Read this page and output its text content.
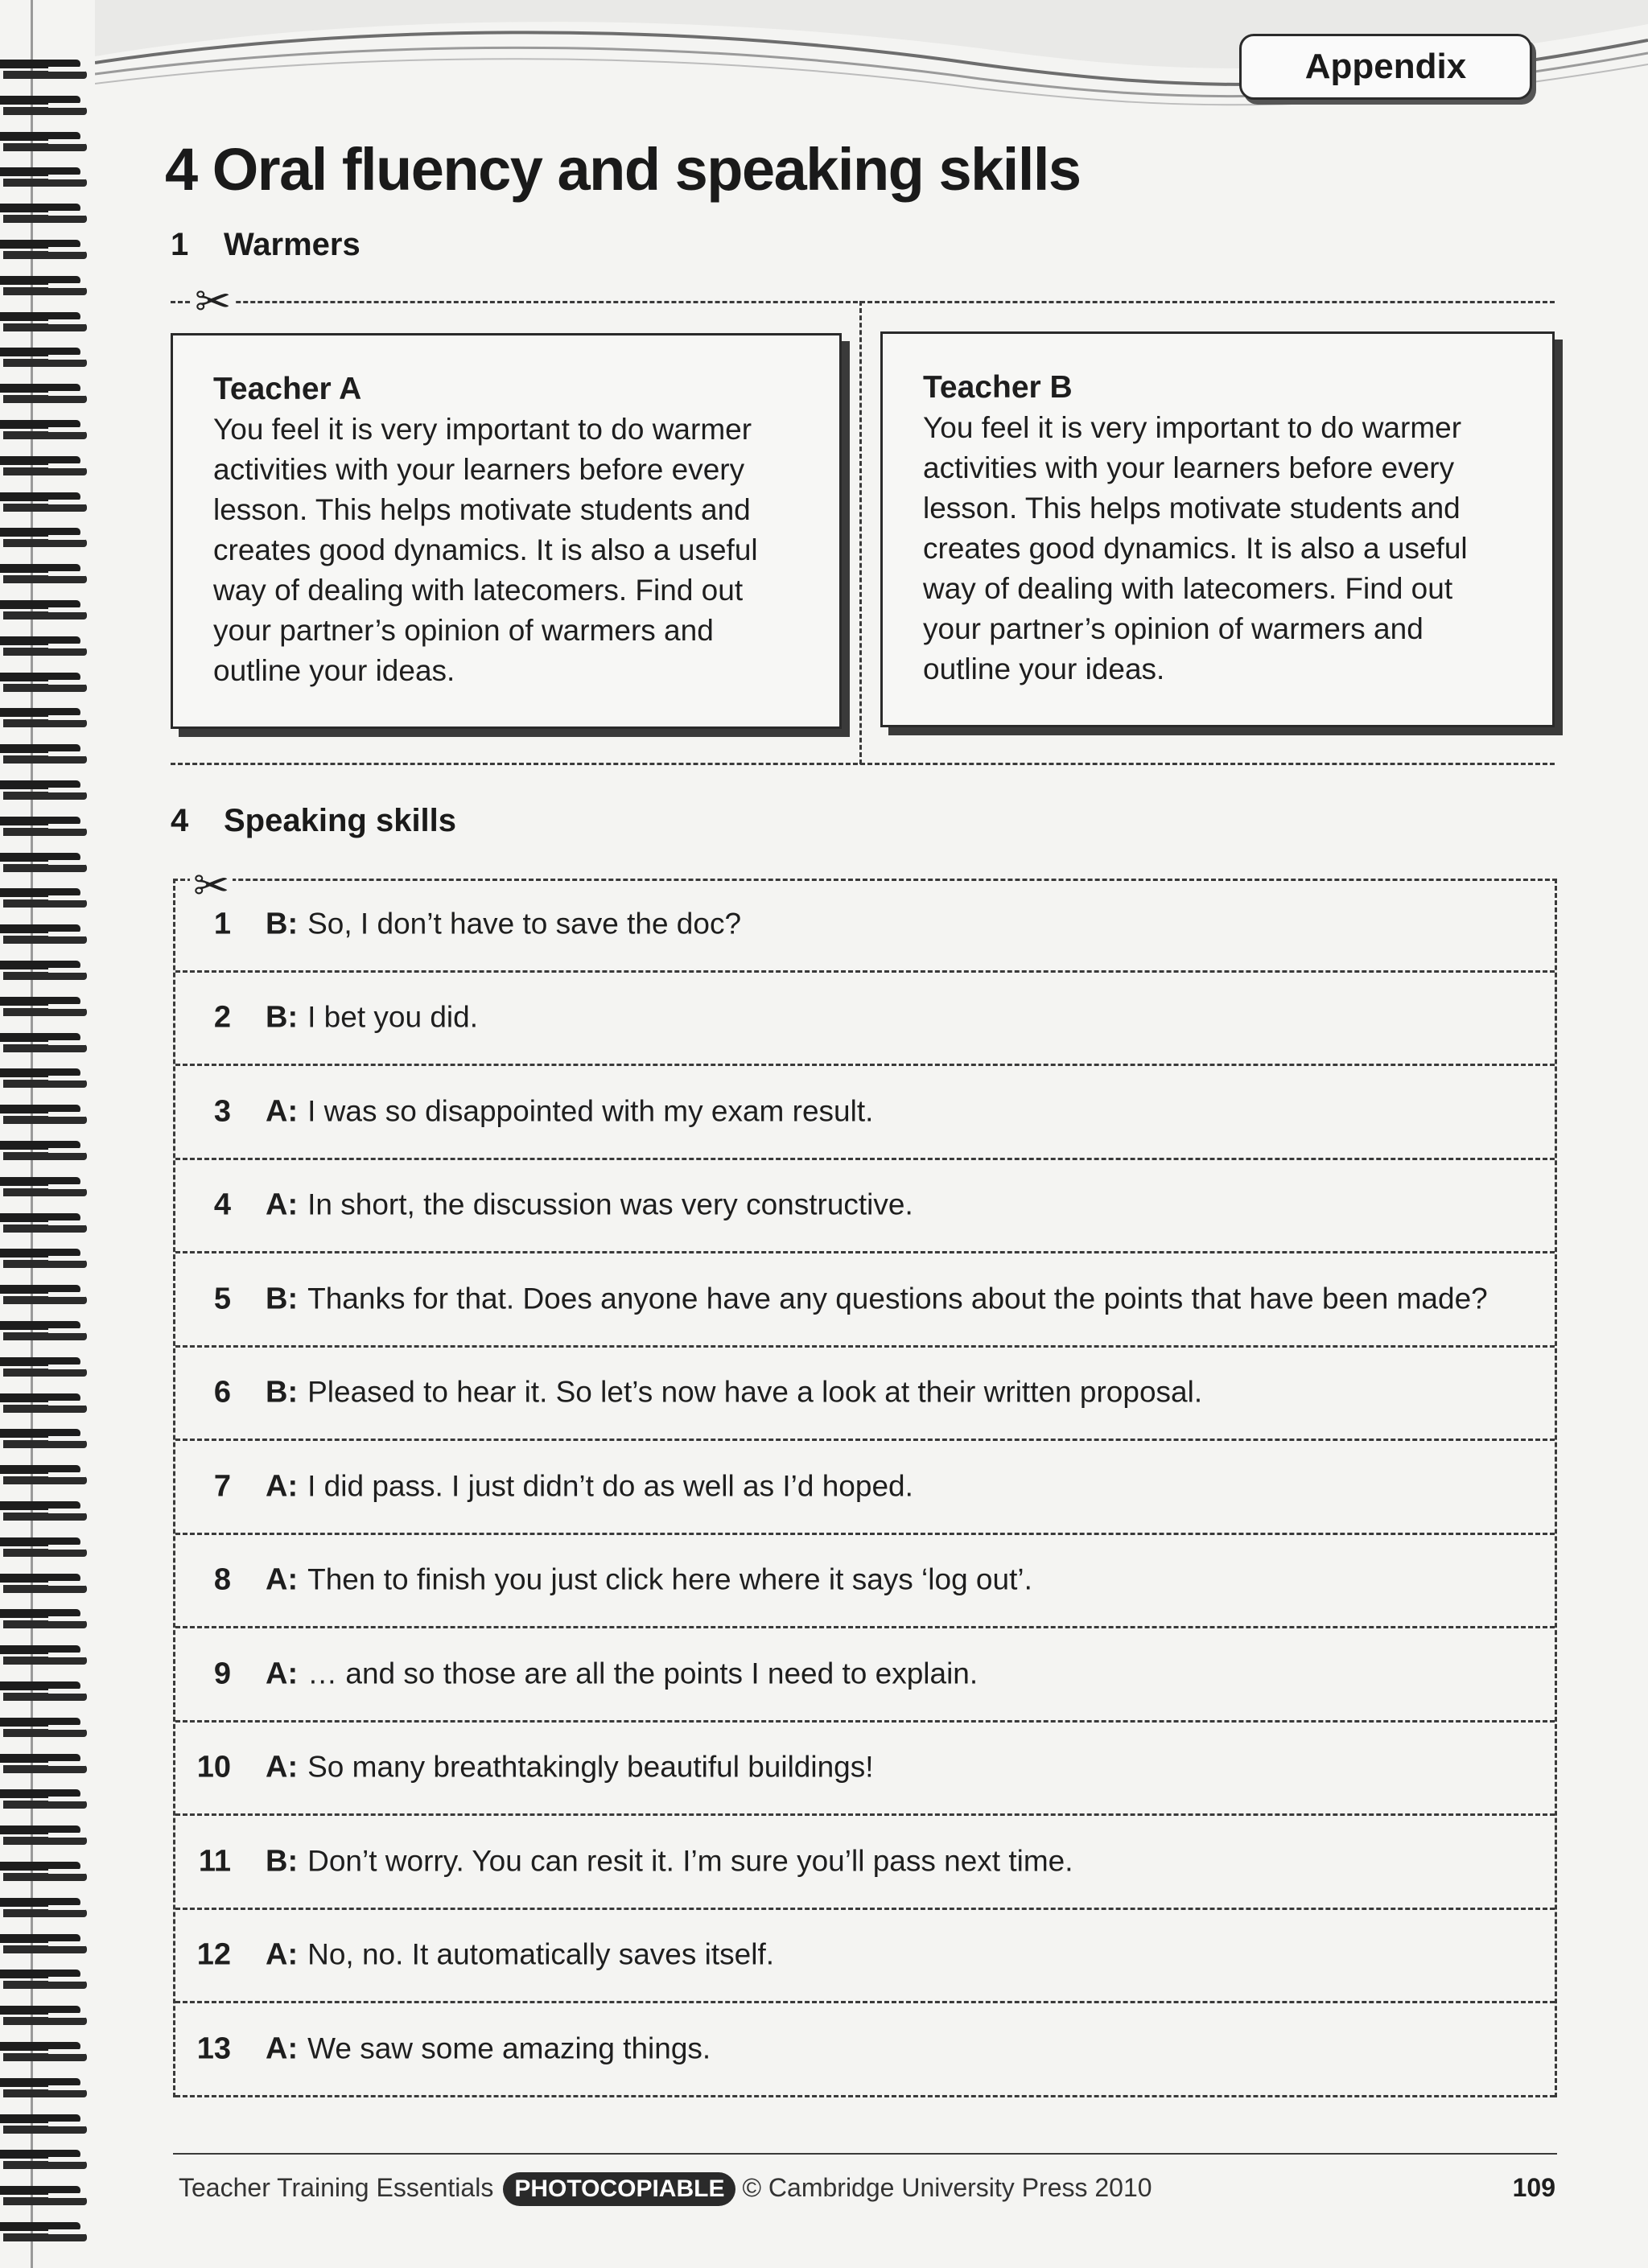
Appendix
4 Oral fluency and speaking skills
1 Warmers
✂
Teacher A
You feel it is very important to do warmer activities with your learners before every lesson. This helps motivate students and creates good dynamics. It is also a useful way of dealing with latecomers. Find out your partner’s opinion of warmers and outline your ideas.
Teacher B
You feel it is very important to do warmer activities with your learners before every lesson. This helps motivate students and creates good dynamics. It is also a useful way of dealing with latecomers. Find out your partner’s opinion of warmers and outline your ideas.
4 Speaking skills
✂
1 B: So, I don’t have to save the doc?
2 B: I bet you did.
3 A: I was so disappointed with my exam result.
4 A: In short, the discussion was very constructive.
5 B: Thanks for that. Does anyone have any questions about the points that have been made?
6 B: Pleased to hear it. So let’s now have a look at their written proposal.
7 A: I did pass. I just didn’t do as well as I’d hoped.
8 A: Then to finish you just click here where it says ‘log out’.
9 A: … and so those are all the points I need to explain.
10 A: So many breathtakingly beautiful buildings!
11 B: Don’t worry. You can resit it. I’m sure you’ll pass next time.
12 A: No, no. It automatically saves itself.
13 A: We saw some amazing things.
Teacher Training Essentials PHOTOCOPIABLE © Cambridge University Press 2010	109
